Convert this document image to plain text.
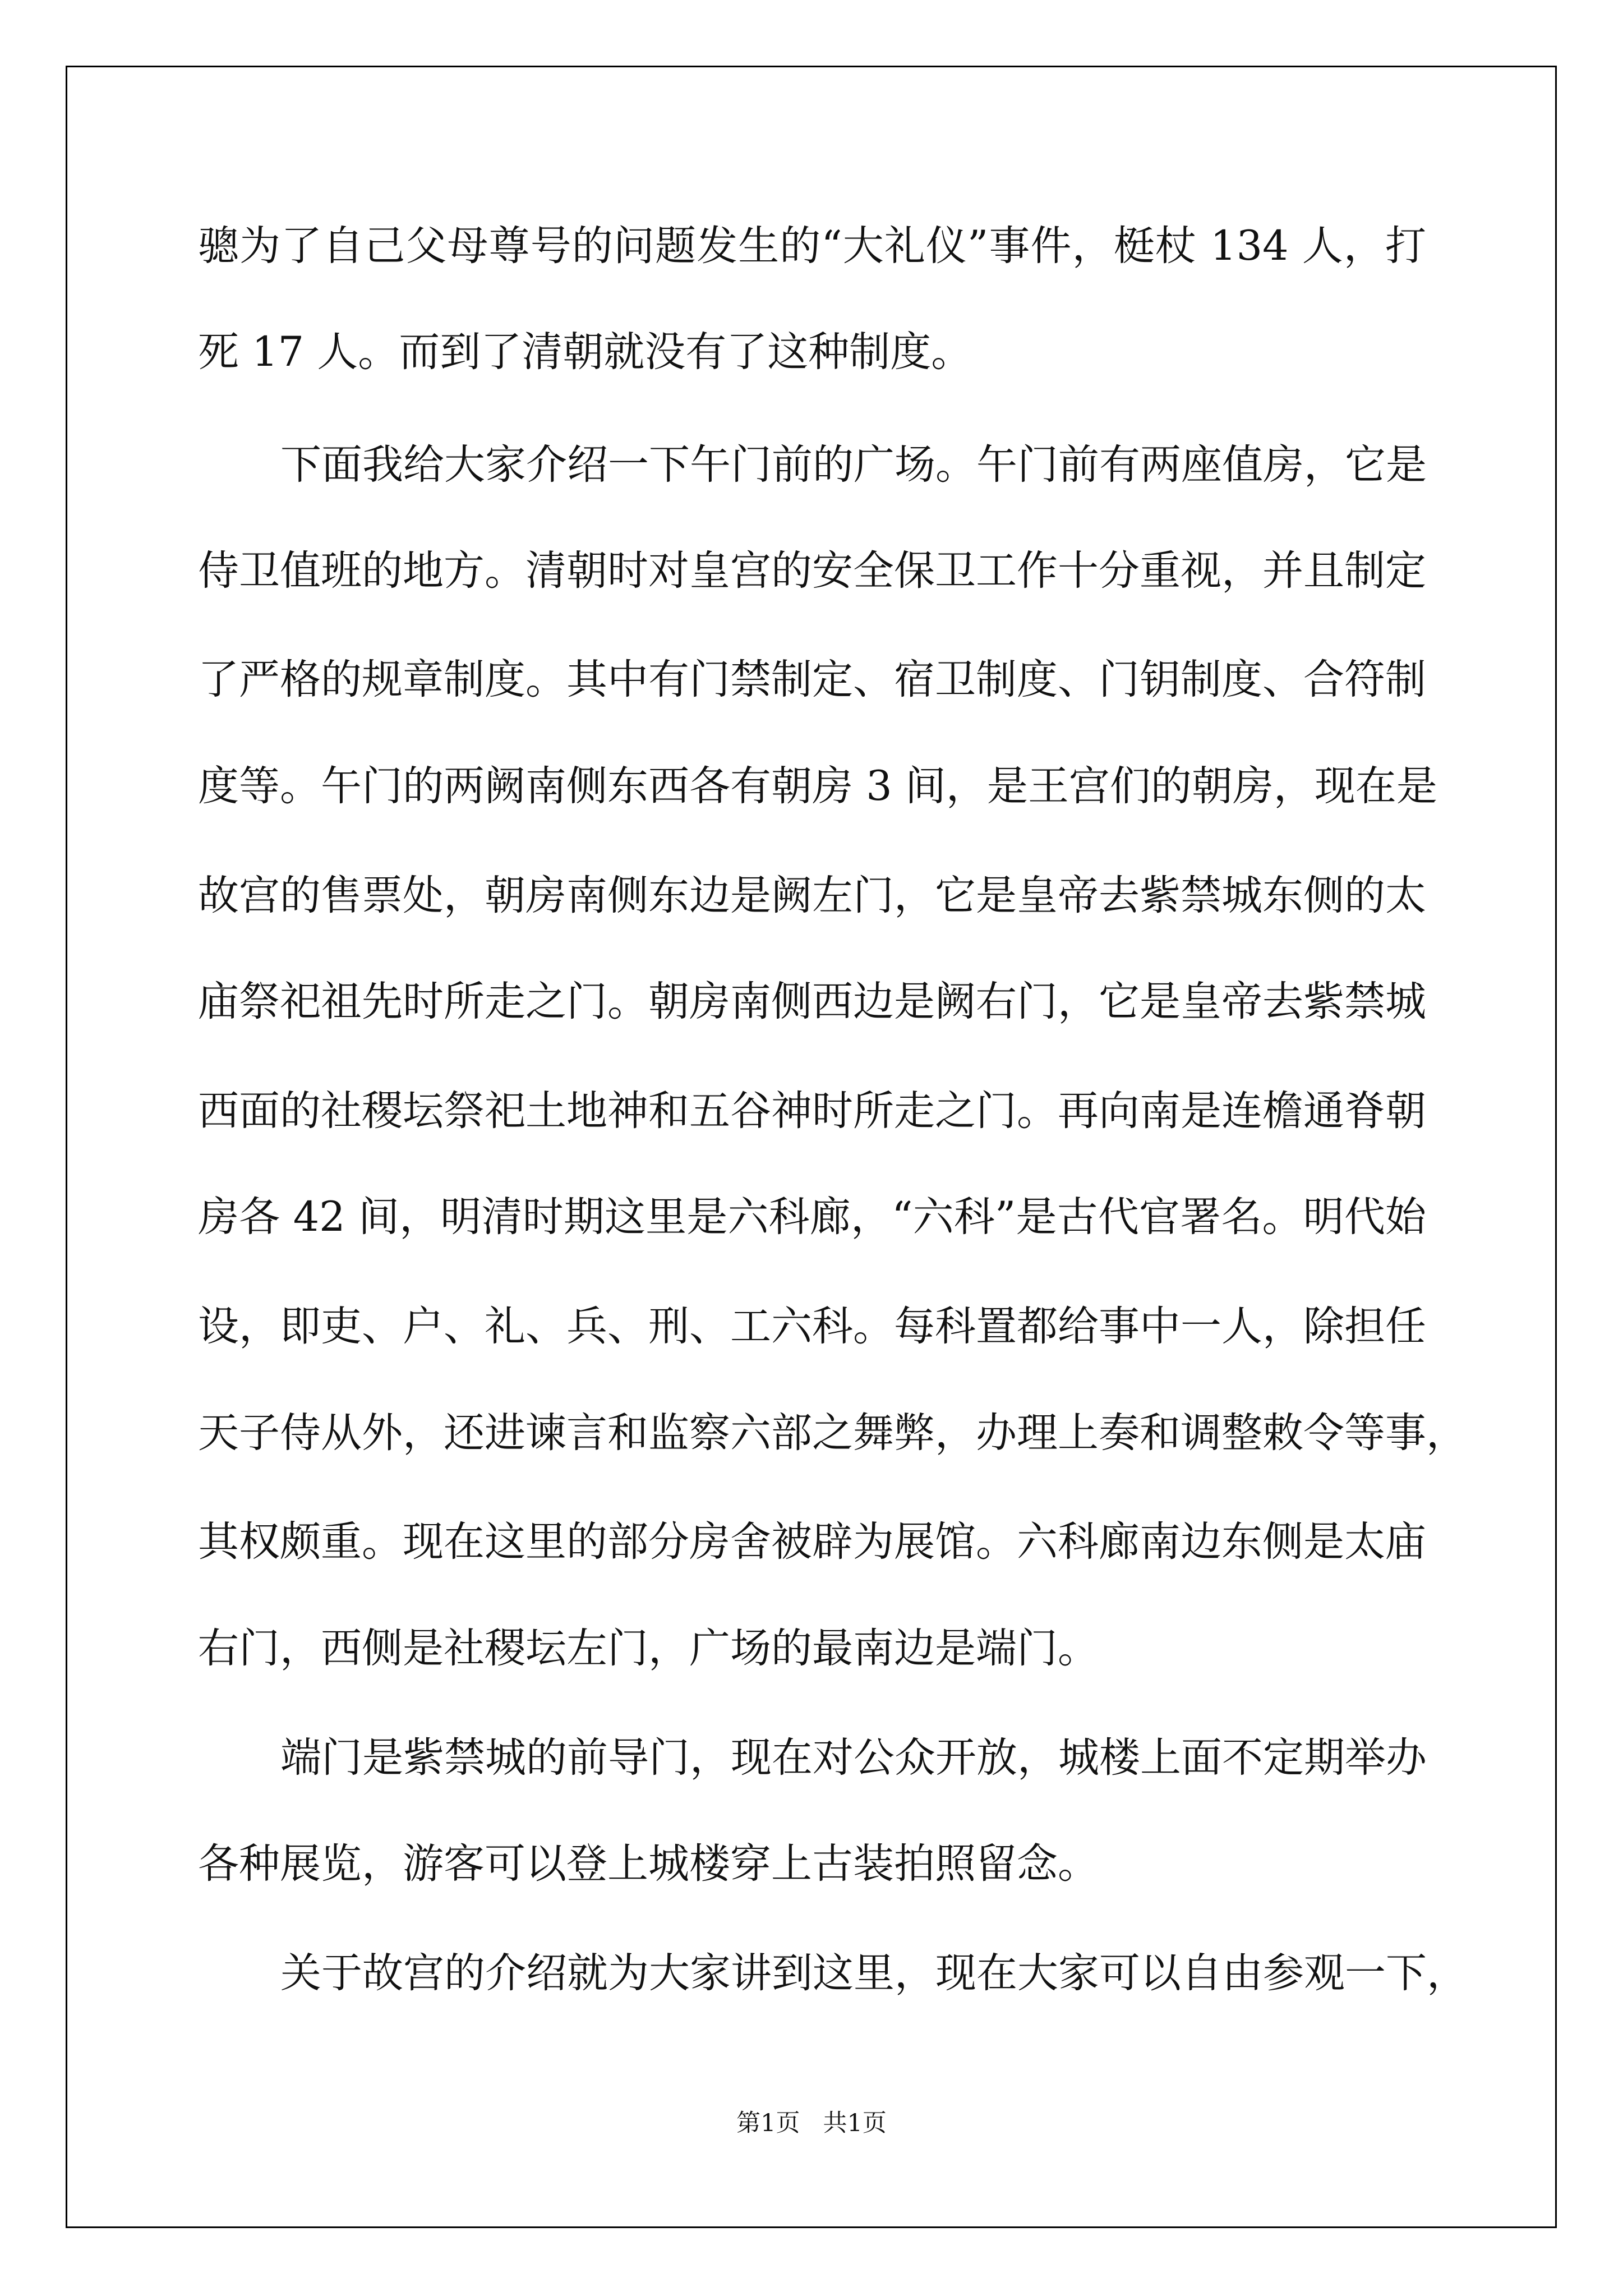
骢为了自己父母尊号的问题发生的“大礼仪”事件，梃杖 134 人，打

死 17 人。而到了清朝就没有了这种制度。

下面我给大家介绍一下午门前的广场。午门前有两座值房，它是

侍卫值班的地方。清朝时对皇宫的安全保卫工作十分重视，并且制定

了严格的规章制度。其中有门禁制定、宿卫制度、门钥制度、合符制

度等。午门的两阙南侧东西各有朝房 3 间，是王宫们的朝房，现在是

故宫的售票处，朝房南侧东边是阙左门，它是皇帝去紫禁城东侧的太

庙祭祀祖先时所走之门。朝房南侧西边是阙右门，它是皇帝去紫禁城

西面的社稷坛祭祀土地神和五谷神时所走之门。再向南是连檐通脊朝

房各 42 间，明清时期这里是六科廊，“六科”是古代官署名。明代始

设，即吏、户、礼、兵、刑、工六科。每科置都给事中一人，除担任

天子侍从外，还进谏言和监察六部之舞弊，办理上奏和调整敕令等事，

其权颇重。现在这里的部分房舍被辟为展馆。六科廊南边东侧是太庙

右门，西侧是社稷坛左门，广场的最南边是端门。

端门是紫禁城的前导门，现在对公众开放，城楼上面不定期举办

各种展览，游客可以登上城楼穿上古装拍照留念。

关于故宫的介绍就为大家讲到这里，现在大家可以自由参观一下，

第1页   共1页
